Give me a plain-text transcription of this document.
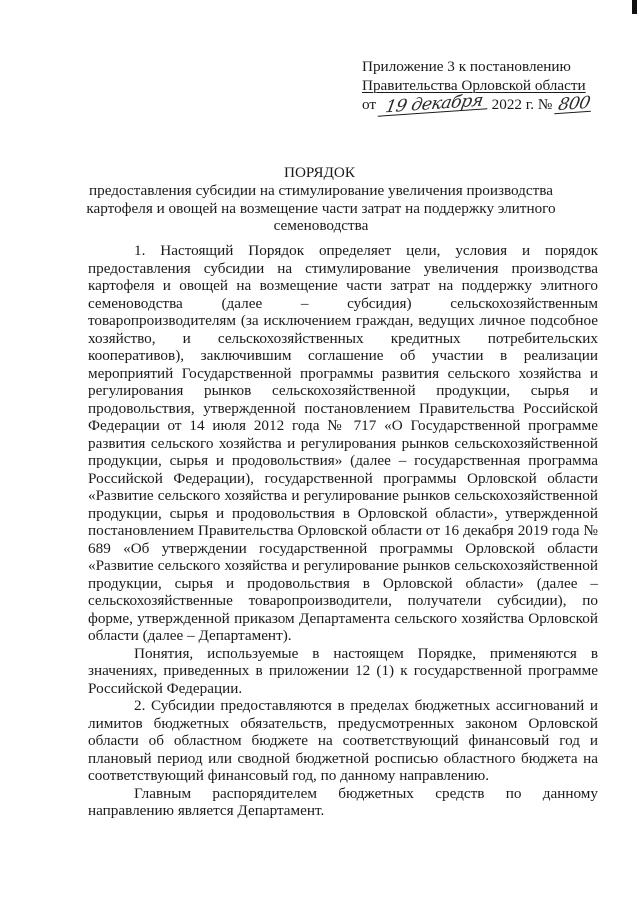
Приложение 3 к постановлению
Правительства Орловской области
от 19 декабря 2022 г. № 800
ПОРЯДОК
предоставления субсидии на стимулирование увеличения производства картофеля и овощей на возмещение части затрат на поддержку элитного семеноводства

1. Настоящий Порядок определяет цели, условия и порядок предоставления субсидии на стимулирование увеличения производства картофеля и овощей на возмещение части затрат на поддержку элитного семеноводства (далее – субсидия) сельскохозяйственным товаропроизводителям (за исключением граждан, ведущих личное подсобное хозяйство, и сельскохозяйственных кредитных потребительских кооперативов), заключившим соглашение об участии в реализации мероприятий Государственной программы развития сельского хозяйства и регулирования рынков сельскохозяйственной продукции, сырья и продовольствия, утвержденной постановлением Правительства Российской Федерации от 14 июля 2012 года № 717 «О Государственной программе развития сельского хозяйства и регулирования рынков сельскохозяйственной продукции, сырья и продовольствия» (далее – государственная программа Российской Федерации), государственной программы Орловской области «Развитие сельского хозяйства и регулирование рынков сельскохозяйственной продукции, сырья и продовольствия в Орловской области», утвержденной постановлением Правительства Орловской области от 16 декабря 2019 года № 689 «Об утверждении государственной программы Орловской области «Развитие сельского хозяйства и регулирование рынков сельскохозяйственной продукции, сырья и продовольствия в Орловской области» (далее – сельскохозяйственные товаропроизводители, получатели субсидии), по форме, утвержденной приказом Департамента сельского хозяйства Орловской области (далее – Департамент).

Понятия, используемые в настоящем Порядке, применяются в значениях, приведенных в приложении 12 (1) к государственной программе Российской Федерации.

2. Субсидии предоставляются в пределах бюджетных ассигнований и лимитов бюджетных обязательств, предусмотренных законом Орловской области об областном бюджете на соответствующий финансовый год и плановый период или сводной бюджетной росписью областного бюджета на соответствующий финансовый год, по данному направлению.

Главным распорядителем бюджетных средств по данному направлению является Департамент.
